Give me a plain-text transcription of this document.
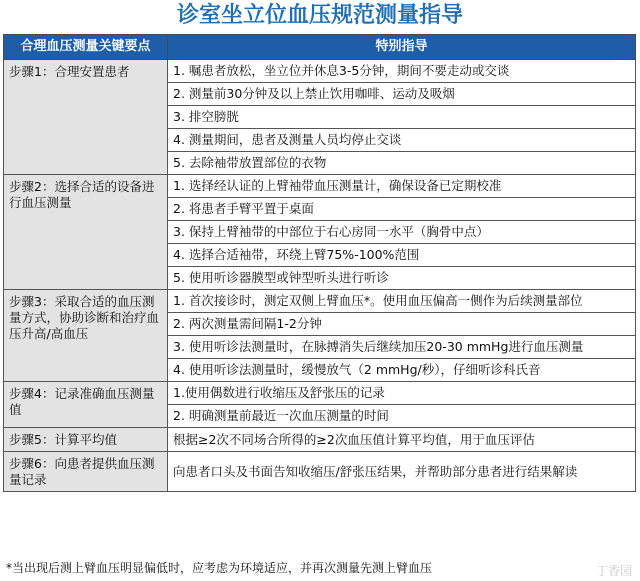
诊室坐立位血压规范测量指导
合理血压测量关键要点	特别指导
步骤1：合理安置患者	1. 嘱患者放松，坐立位并休息3-5分钟，期间不要走动或交谈
	2. 测量前30分钟及以上禁止饮用咖啡、运动及吸烟
	3. 排空膀胱
	4. 测量期间，患者及测量人员均停止交谈
	5. 去除袖带放置部位的衣物
步骤2：选择合适的设备进行血压测量	1. 选择经认证的上臂袖带血压测量计，确保设备已定期校准
	2. 将患者手臂平置于桌面
	3. 保持上臂袖带的中部位于右心房同一水平（胸骨中点）
	4. 选择合适袖带，环绕上臂75%-100%范围
	5. 使用听诊器膜型或钟型听头进行听诊
步骤3：采取合适的血压测量方式，协助诊断和治疗血压升高/高血压	1. 首次接诊时，测定双侧上臂血压*。使用血压偏高一侧作为后续测量部位
	2. 两次测量需间隔1-2分钟
	3. 使用听诊法测量时，在脉搏消失后继续加压20-30 mmHg进行血压测量
	4. 使用听诊法测量时，缓慢放气（2 mmHg/秒），仔细听诊科氏音
步骤4：记录准确血压测量值	1.使用偶数进行收缩压及舒张压的记录
	2. 明确测量前最近一次血压测量的时间
步骤5：计算平均值	根据≥2次不同场合所得的≥2次血压值计算平均值，用于血压评估
步骤6：向患者提供血压测量记录	向患者口头及书面告知收缩压/舒张压结果，并帮助部分患者进行结果解读
*当出现后测上臂血压明显偏低时，应考虑为环境适应，并再次测量先测上臂血压	丁香园
